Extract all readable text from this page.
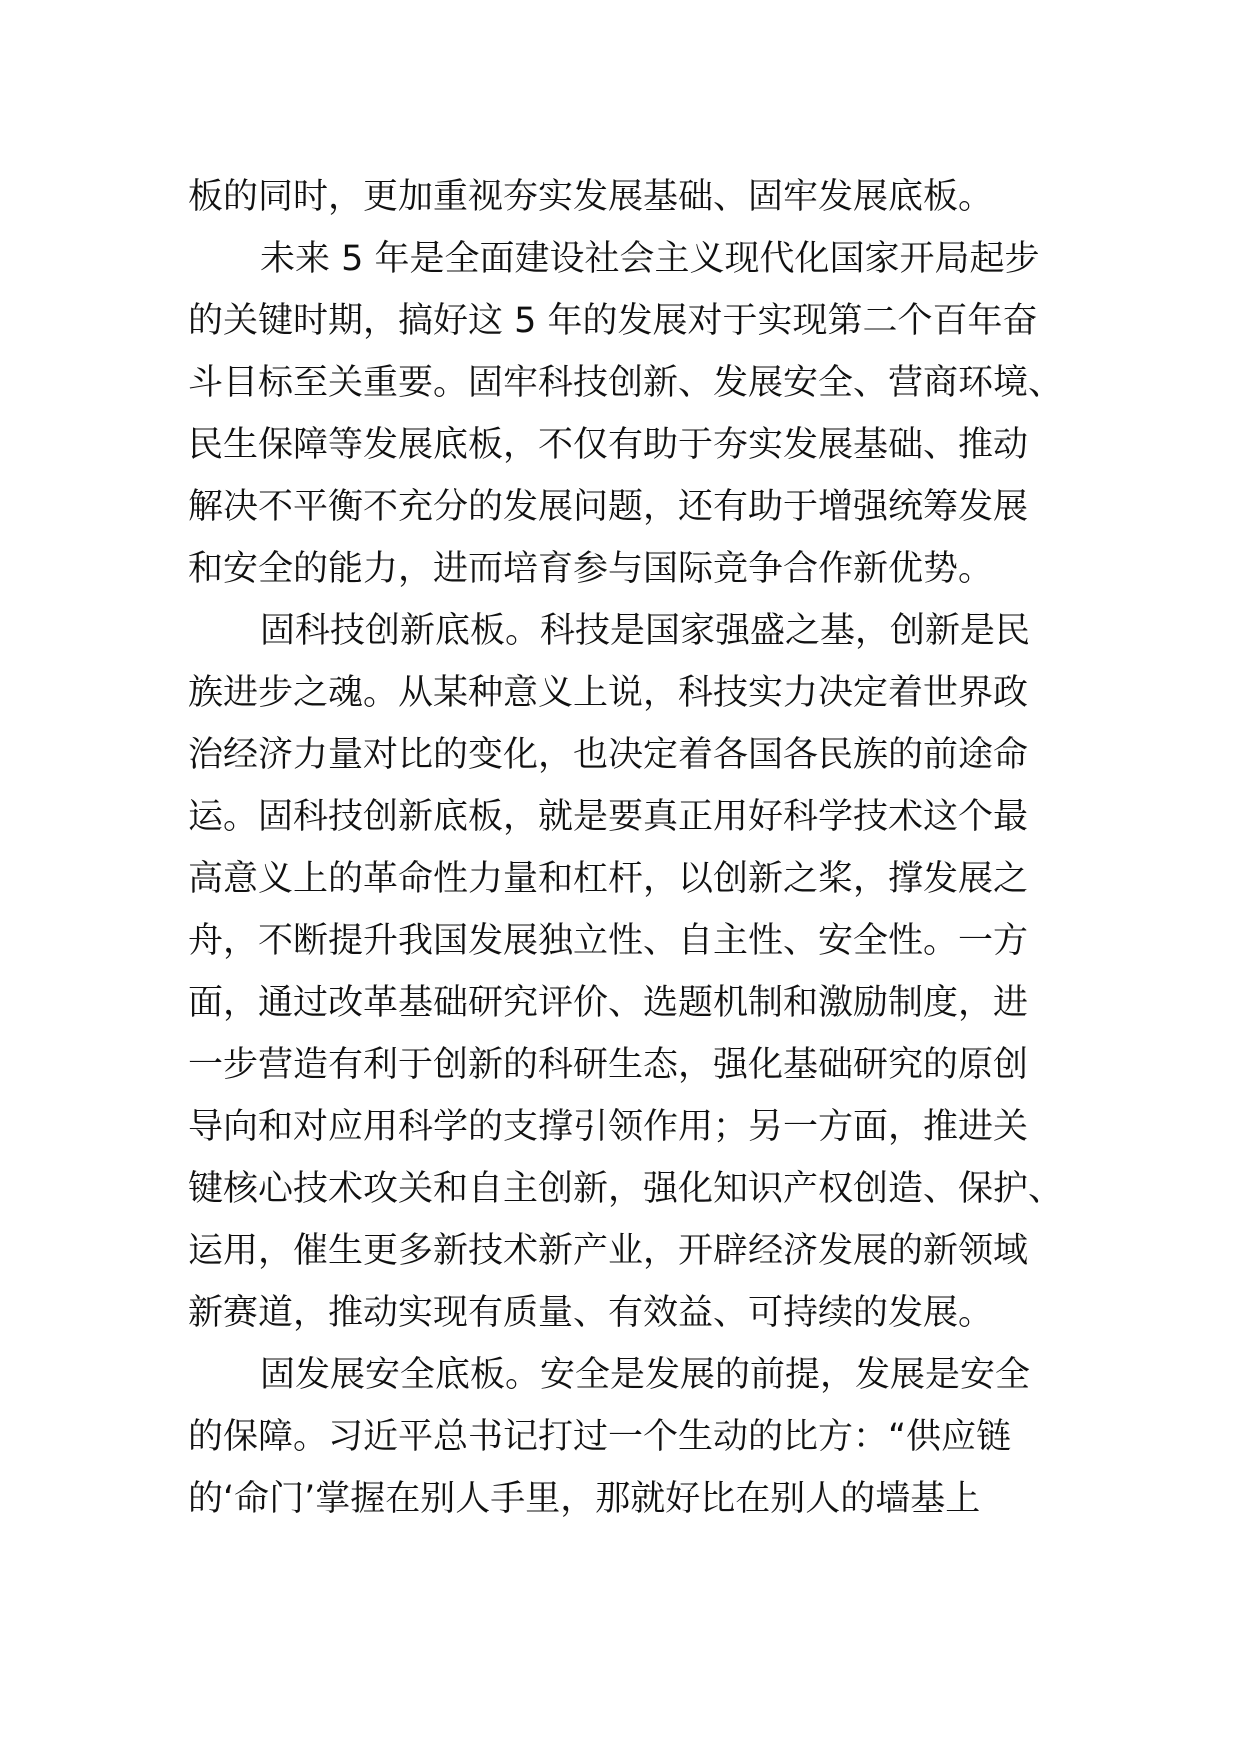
板的同时，更加重视夯实发展基础、固牢发展底板。
未来 5 年是全面建设社会主义现代化国家开局起步
的关键时期，搞好这 5 年的发展对于实现第二个百年奋
斗目标至关重要。固牢科技创新、发展安全、营商环境、
民生保障等发展底板，不仅有助于夯实发展基础、推动
解决不平衡不充分的发展问题，还有助于增强统筹发展
和安全的能力，进而培育参与国际竞争合作新优势。
固科技创新底板。科技是国家强盛之基，创新是民
族进步之魂。从某种意义上说，科技实力决定着世界政
治经济力量对比的变化，也决定着各国各民族的前途命
运。固科技创新底板，就是要真正用好科学技术这个最
高意义上的革命性力量和杠杆，以创新之桨，撑发展之
舟，不断提升我国发展独立性、自主性、安全性。一方
面，通过改革基础研究评价、选题机制和激励制度，进
一步营造有利于创新的科研生态，强化基础研究的原创
导向和对应用科学的支撑引领作用；另一方面，推进关
键核心技术攻关和自主创新，强化知识产权创造、保护、
运用，催生更多新技术新产业，开辟经济发展的新领域
新赛道，推动实现有质量、有效益、可持续的发展。
固发展安全底板。安全是发展的前提，发展是安全
的保障。习近平总书记打过一个生动的比方：“供应链
的‘命门’掌握在别人手里，那就好比在别人的墙基上
